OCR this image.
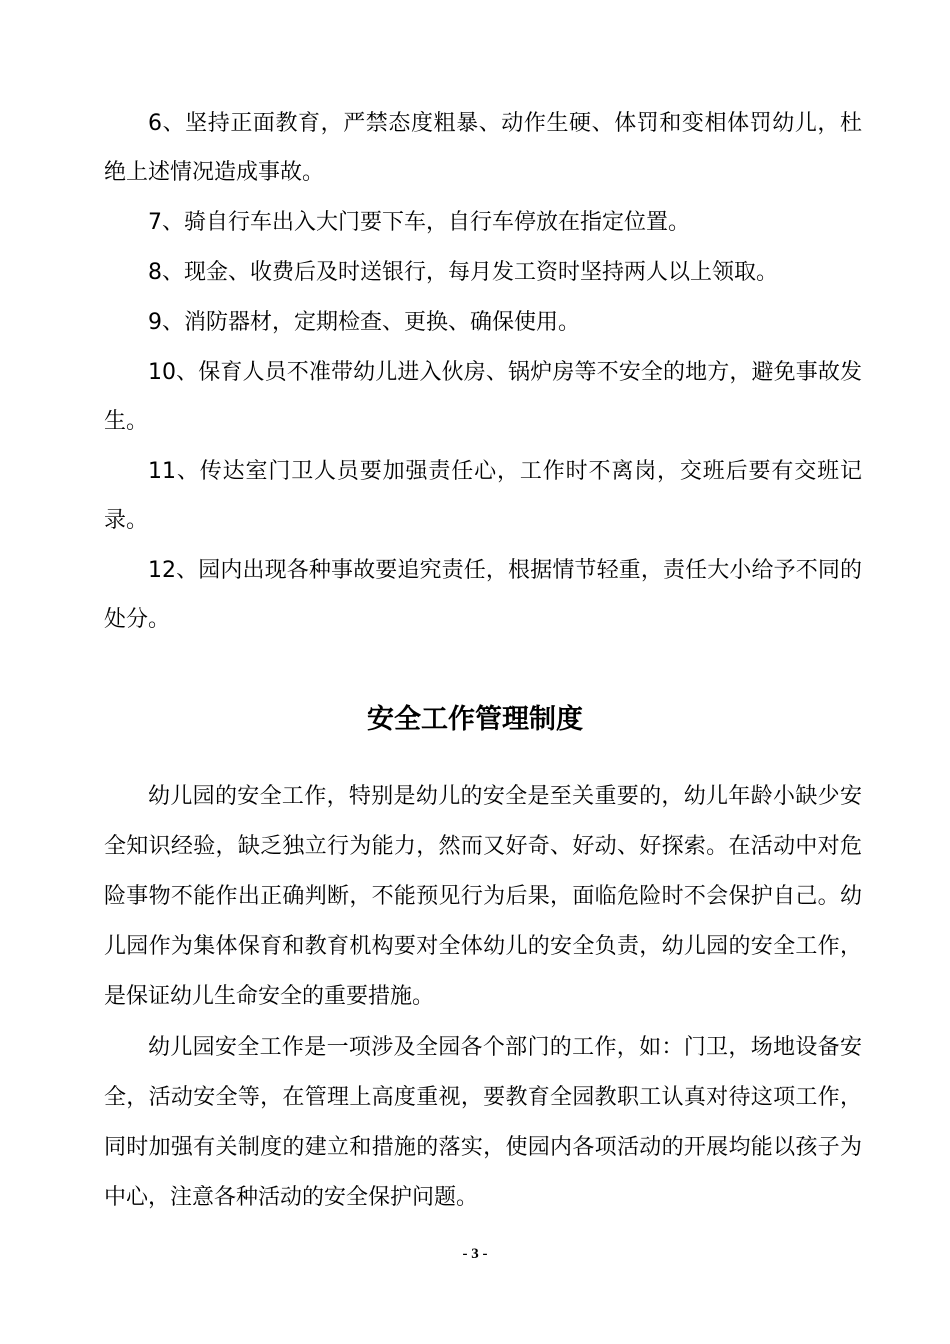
6、坚持正面教育，严禁态度粗暴、动作生硬、体罚和变相体罚幼儿，杜绝上述情况造成事故。

7、骑自行车出入大门要下车，自行车停放在指定位置。

8、现金、收费后及时送银行，每月发工资时坚持两人以上领取。

9、消防器材，定期检查、更换、确保使用。

10、保育人员不准带幼儿进入伙房、锅炉房等不安全的地方，避免事故发生。

11、传达室门卫人员要加强责任心，工作时不离岗，交班后要有交班记录。

12、园内出现各种事故要追究责任，根据情节轻重，责任大小给予不同的处分。

安全工作管理制度

幼儿园的安全工作，特别是幼儿的安全是至关重要的，幼儿年龄小缺少安全知识经验，缺乏独立行为能力，然而又好奇、好动、好探索。在活动中对危险事物不能作出正确判断，不能预见行为后果，面临危险时不会保护自己。幼儿园作为集体保育和教育机构要对全体幼儿的安全负责，幼儿园的安全工作，是保证幼儿生命安全的重要措施。

幼儿园安全工作是一项涉及全园各个部门的工作，如：门卫，场地设备安全，活动安全等，在管理上高度重视，要教育全园教职工认真对待这项工作，同时加强有关制度的建立和措施的落实，使园内各项活动的开展均能以孩子为中心，注意各种活动的安全保护问题。

- 3 -
